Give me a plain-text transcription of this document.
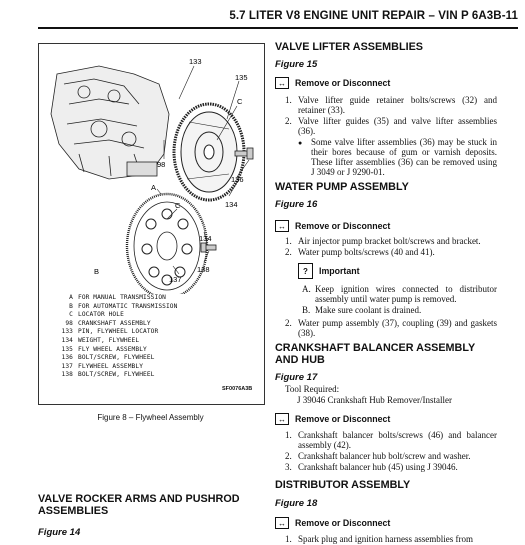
5.7 LITER V8 ENGINE UNIT REPAIR – VIN P 6A3B-11
133
135
C
98
136
A
134
C
134
B
137
138
A FOR MANUAL TRANSMISSION
B FOR AUTOMATIC TRANSMISSION
C LOCATOR HOLE
98 CRANKSHAFT ASSEMBLY
133 PIN, FLYWHEEL LOCATOR
134 WEIGHT, FLYWHEEL
135 FLY WHEEL ASSEMBLY
136 BOLT/SCREW, FLYWHEEL
137 FLYWHEEL ASSEMBLY
138 BOLT/SCREW, FLYWHEEL
SF0076A3B
Figure 8 – Flywheel Assembly
VALVE ROCKER ARMS AND PUSHROD ASSEMBLIES
Figure 14
VALVE LIFTER ASSEMBLIES
Figure 15
↔	Remove or Disconnect
1. Valve lifter guide retainer bolts/screws (32) and retainer (33).
2. Valve lifter guides (35) and valve lifter assemblies (36).
● Some valve lifter assemblies (36) may be stuck in their bores because of gum or varnish deposits. These lifter assemblies (36) can be removed using J 3049 or J 9290-01.
WATER PUMP ASSEMBLY
Figure 16
↔	Remove or Disconnect
1. Air injector pump bracket bolt/screws and bracket.
2. Water pump bolts/screws (40 and 41).
?	Important
A. Keep ignition wires connected to distributor assembly until water pump is removed.
B. Make sure coolant is drained.
2. Water pump assembly (37), coupling (39) and gaskets (38).
CRANKSHAFT BALANCER ASSEMBLY AND HUB
Figure 17
Tool Required:
J 39046 Crankshaft Hub Remover/Installer
↔	Remove or Disconnect
1. Crankshaft balancer bolts/screws (46) and balancer assembly (42).
2. Crankshaft balancer hub bolt/screw and washer.
3. Crankshaft balancer hub (45) using J 39046.
DISTRIBUTOR ASSEMBLY
Figure 18
↔	Remove or Disconnect
1. Spark plug and ignition harness assemblies from
